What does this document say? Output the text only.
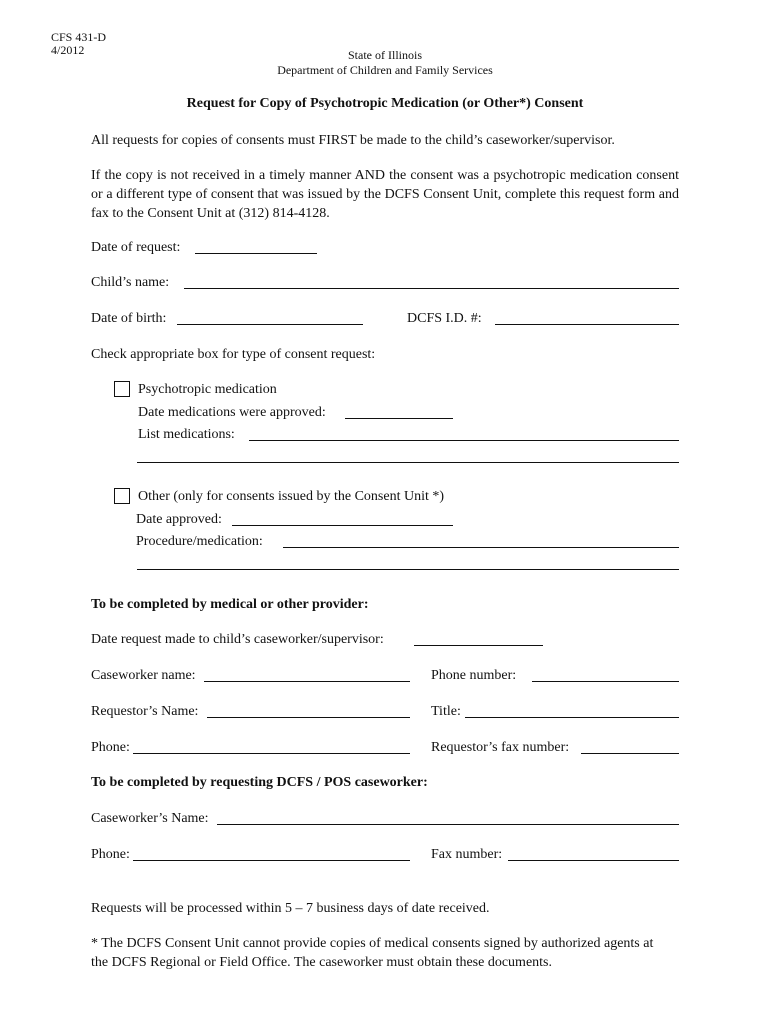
CFS 431-D
4/2012	State of Illinois
Department of Children and Family Services
Request for Copy of Psychotropic Medication (or Other*) Consent
All requests for copies of consents must FIRST be made to the child’s caseworker/supervisor.
If the copy is not received in a timely manner AND the consent was a psychotropic medication consent or a different type of consent that was issued by the DCFS Consent Unit, complete this request form and fax to the Consent Unit at (312) 814-4128.
Date of request:
Child’s name:
Date of birth:	DCFS I.D. #:
Check appropriate box for type of consent request:
Psychotropic medication
Date medications were approved:
List medications:
Other (only for consents issued by the Consent Unit *)
Date approved:
Procedure/medication:
To be completed by medical or other provider:
Date request made to child’s caseworker/supervisor:
Caseworker name:	Phone number:
Requestor’s Name:	Title:
Phone:	Requestor’s fax number:
To be completed by requesting DCFS / POS caseworker:
Caseworker’s Name:
Phone:	Fax number:
Requests will be processed within 5 – 7 business days of date received.
* The DCFS Consent Unit cannot provide copies of medical consents signed by authorized agents at the DCFS Regional or Field Office. The caseworker must obtain these documents.
